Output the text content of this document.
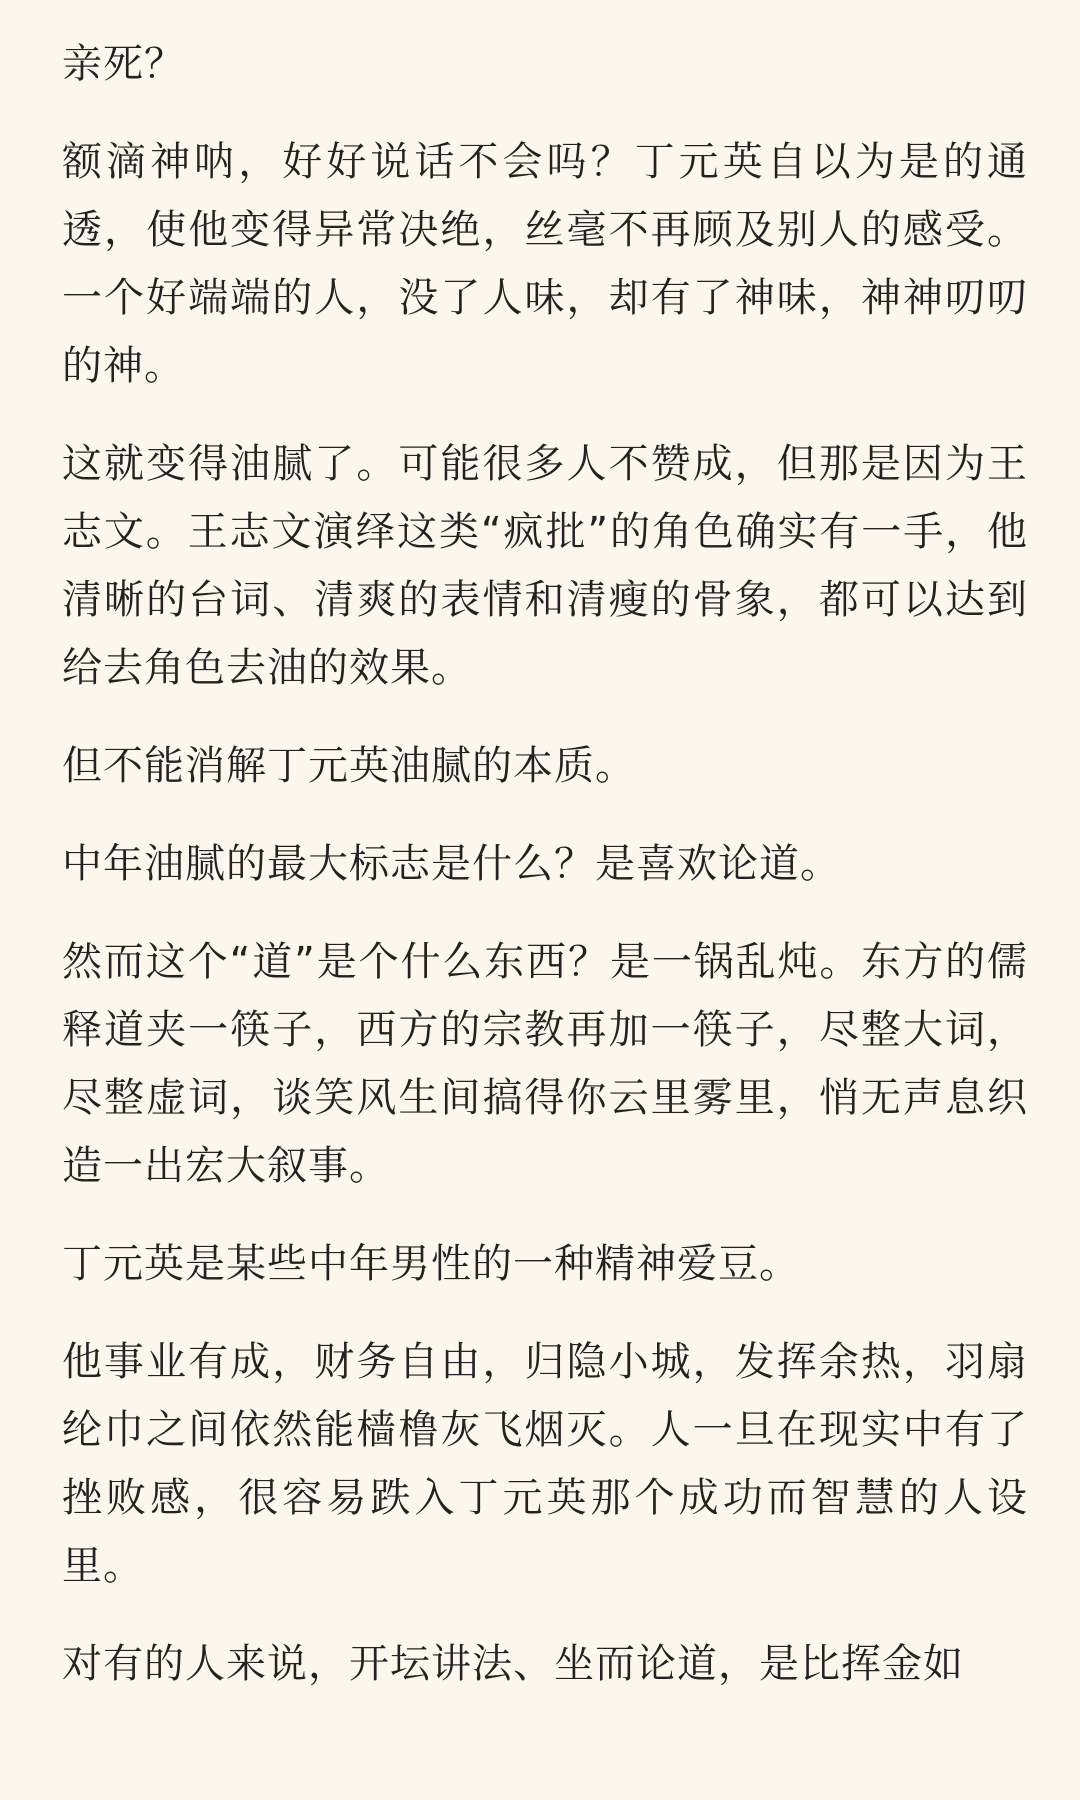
亲死？

额滴神呐，好好说话不会吗？丁元英自以为是的通透，使他变得异常决绝，丝毫不再顾及别人的感受。一个好端端的人，没了人味，却有了神味，神神叨叨的神。

这就变得油腻了。可能很多人不赞成，但那是因为王志文。王志文演绎这类“疯批”的角色确实有一手，他清晰的台词、清爽的表情和清瘦的骨象，都可以达到给去角色去油的效果。

但不能消解丁元英油腻的本质。

中年油腻的最大标志是什么？是喜欢论道。

然而这个“道”是个什么东西？是一锅乱炖。东方的儒释道夹一筷子，西方的宗教再加一筷子，尽整大词，尽整虚词，谈笑风生间搞得你云里雾里，悄无声息织造一出宏大叙事。

丁元英是某些中年男性的一种精神爱豆。

他事业有成，财务自由，归隐小城，发挥余热，羽扇纶巾之间依然能樯橹灰飞烟灭。人一旦在现实中有了挫败感，很容易跌入丁元英那个成功而智慧的人设里。

对有的人来说，开坛讲法、坐而论道，是比挥金如
